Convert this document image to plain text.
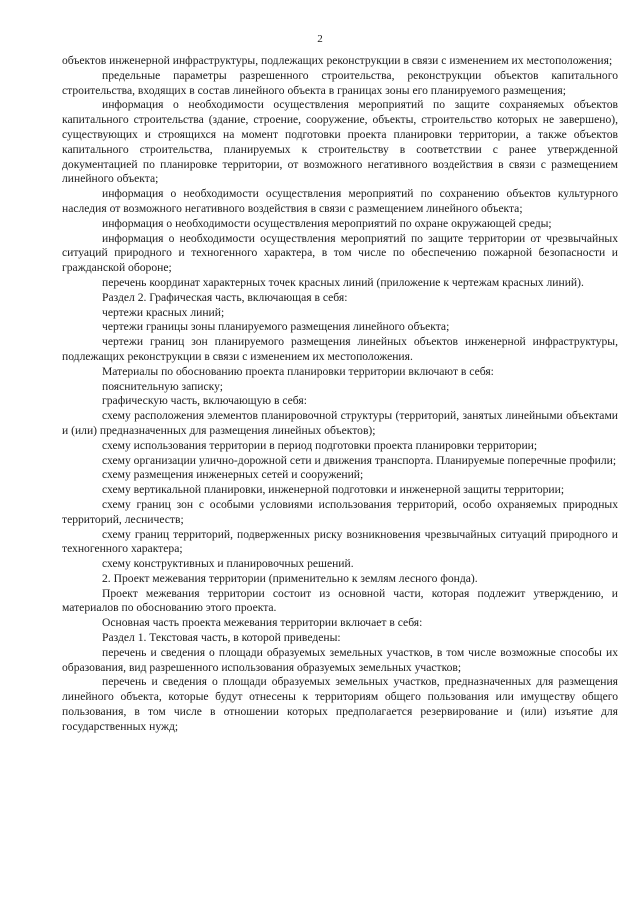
2

объектов инженерной инфраструктуры, подлежащих реконструкции в связи с изменением их местоположения;

предельные параметры разрешенного строительства, реконструкции объектов капитального строительства, входящих в состав линейного объекта в границах зоны его планируемого размещения;

информация о необходимости осуществления мероприятий по защите сохраняемых объектов капитального строительства (здание, строение, сооружение, объекты, строительство которых не завершено), существующих и строящихся на момент подготовки проекта планировки территории, а также объектов капитального строительства, планируемых к строительству в соответствии с ранее утвержденной документацией по планировке территории, от возможного негативного воздействия в связи с размещением линейного объекта;

информация о необходимости осуществления мероприятий по сохранению объектов культурного наследия от возможного негативного воздействия в связи с размещением линейного объекта;

информация о необходимости осуществления мероприятий по охране окружающей среды;

информация о необходимости осуществления мероприятий по защите территории от чрезвычайных ситуаций природного и техногенного характера, в том числе по обеспечению пожарной безопасности и гражданской обороне;

перечень координат характерных точек красных линий (приложение к чертежам красных линий).

Раздел 2. Графическая часть, включающая в себя:

чертежи красных линий;

чертежи границы зоны планируемого размещения линейного объекта;

чертежи границ зон планируемого размещения линейных объектов инженерной инфраструктуры, подлежащих реконструкции в связи с изменением их местоположения.

Материалы по обоснованию проекта планировки территории включают в себя:

пояснительную записку;

графическую часть, включающую в себя:

схему расположения элементов планировочной структуры (территорий, занятых линейными объектами и (или) предназначенных для размещения линейных объектов);

схему использования территории в период подготовки проекта планировки территории;

схему организации улично-дорожной сети и движения транспорта. Планируемые поперечные профили;

схему размещения инженерных сетей и сооружений;

схему вертикальной планировки, инженерной подготовки и инженерной защиты территории;

схему границ зон с особыми условиями использования территорий, особо охраняемых природных территорий, лесничеств;

схему границ территорий, подверженных риску возникновения чрезвычайных ситуаций природного и техногенного характера;

схему конструктивных и планировочных решений.

2. Проект межевания территории (применительно к землям лесного фонда).

Проект межевания территории состоит из основной части, которая подлежит утверждению, и материалов по обоснованию этого проекта.

Основная часть проекта межевания территории включает в себя:

Раздел 1. Текстовая часть, в которой приведены:

перечень и сведения о площади образуемых земельных участков, в том числе возможные способы их образования, вид разрешенного использования образуемых земельных участков;

перечень и сведения о площади образуемых земельных участков, предназначенных для размещения линейного объекта, которые будут отнесены к территориям общего пользования или имуществу общего пользования, в том числе в отношении которых предполагается резервирование и (или) изъятие для государственных нужд;
